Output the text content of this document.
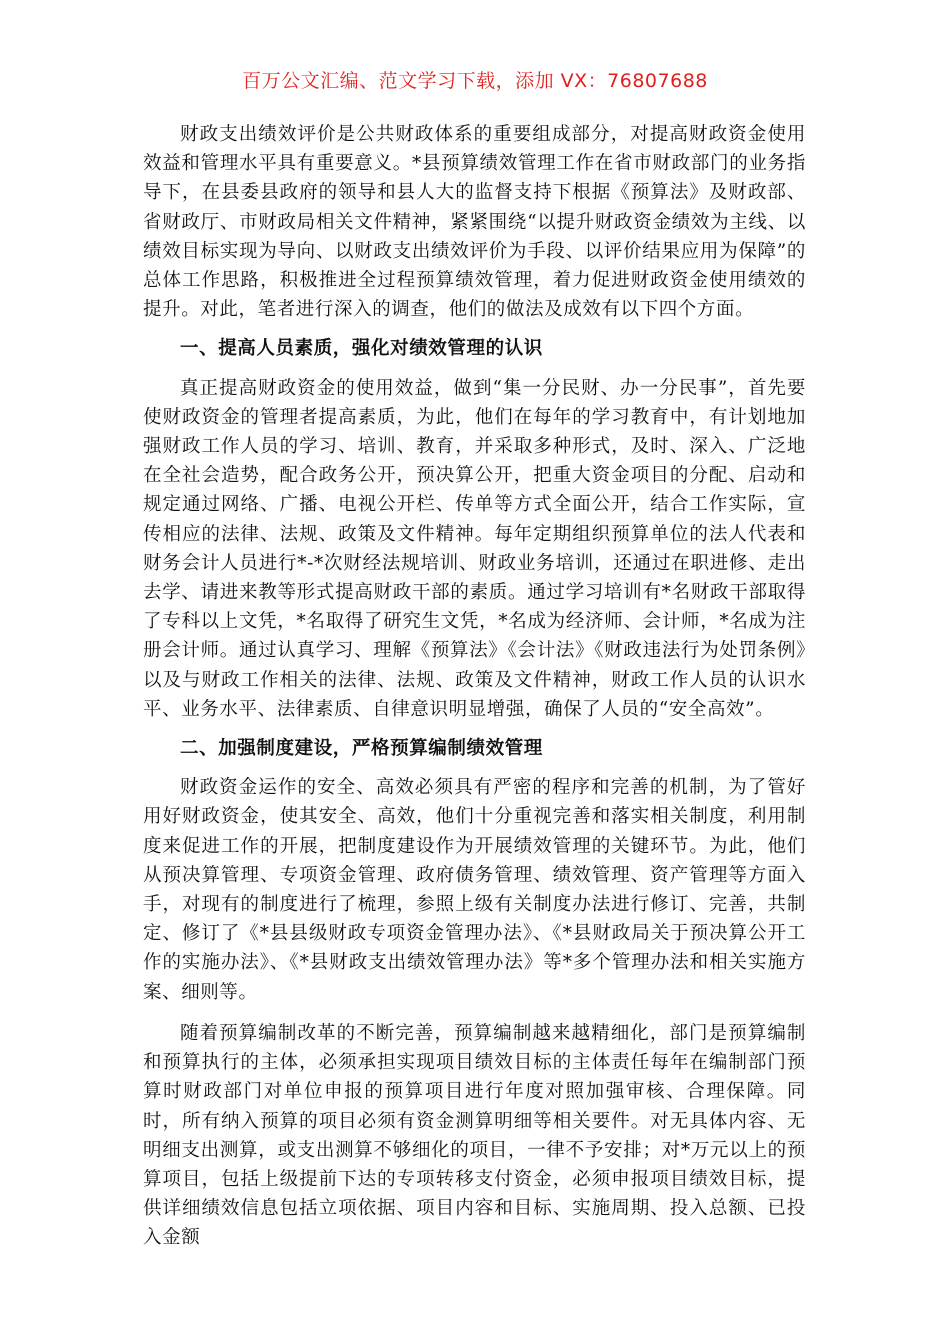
百万公文汇编、范文学习下载，添加 VX：76807688

财政支出绩效评价是公共财政体系的重要组成部分，对提高财政资金使用效益和管理水平具有重要意义。*县预算绩效管理工作在省市财政部门的业务指导下，在县委县政府的领导和县人大的监督支持下根据《预算法》及财政部、省财政厅、市财政局相关文件精神，紧紧围绕“以提升财政资金绩效为主线、以绩效目标实现为导向、以财政支出绩效评价为手段、以评价结果应用为保障”的总体工作思路，积极推进全过程预算绩效管理，着力促进财政资金使用绩效的提升。对此，笔者进行深入的调查，他们的做法及成效有以下四个方面。

一、提高人员素质，强化对绩效管理的认识

真正提高财政资金的使用效益，做到“集一分民财、办一分民事”，首先要使财政资金的管理者提高素质，为此，他们在每年的学习教育中，有计划地加强财政工作人员的学习、培训、教育，并采取多种形式，及时、深入、广泛地在全社会造势，配合政务公开，预决算公开，把重大资金项目的分配、启动和规定通过网络、广播、电视公开栏、传单等方式全面公开，结合工作实际，宣传相应的法律、法规、政策及文件精神。每年定期组织预算单位的法人代表和财务会计人员进行*-*次财经法规培训、财政业务培训，还通过在职进修、走出去学、请进来教等形式提高财政干部的素质。通过学习培训有*名财政干部取得了专科以上文凭，*名取得了研究生文凭，*名成为经济师、会计师，*名成为注册会计师。通过认真学习、理解《预算法》《会计法》《财政违法行为处罚条例》以及与财政工作相关的法律、法规、政策及文件精神，财政工作人员的认识水平、业务水平、法律素质、自律意识明显增强，确保了人员的“安全高效”。

二、加强制度建设，严格预算编制绩效管理

财政资金运作的安全、高效必须具有严密的程序和完善的机制，为了管好用好财政资金，使其安全、高效，他们十分重视完善和落实相关制度，利用制度来促进工作的开展，把制度建设作为开展绩效管理的关键环节。为此，他们从预决算管理、专项资金管理、政府债务管理、绩效管理、资产管理等方面入手，对现有的制度进行了梳理，参照上级有关制度办法进行修订、完善，共制定、修订了《*县县级财政专项资金管理办法》、《*县财政局关于预决算公开工作的实施办法》、《*县财政支出绩效管理办法》等*多个管理办法和相关实施方案、细则等。

随着预算编制改革的不断完善，预算编制越来越精细化，部门是预算编制和预算执行的主体，必须承担实现项目绩效目标的主体责任每年在编制部门预算时财政部门对单位申报的预算项目进行年度对照加强审核、合理保障。同时，所有纳入预算的项目必须有资金测算明细等相关要件。对无具体内容、无明细支出测算，或支出测算不够细化的项目，一律不予安排；对*万元以上的预算项目，包括上级提前下达的专项转移支付资金，必须申报项目绩效目标，提供详细绩效信息包括立项依据、项目内容和目标、实施周期、投入总额、已投入金额
